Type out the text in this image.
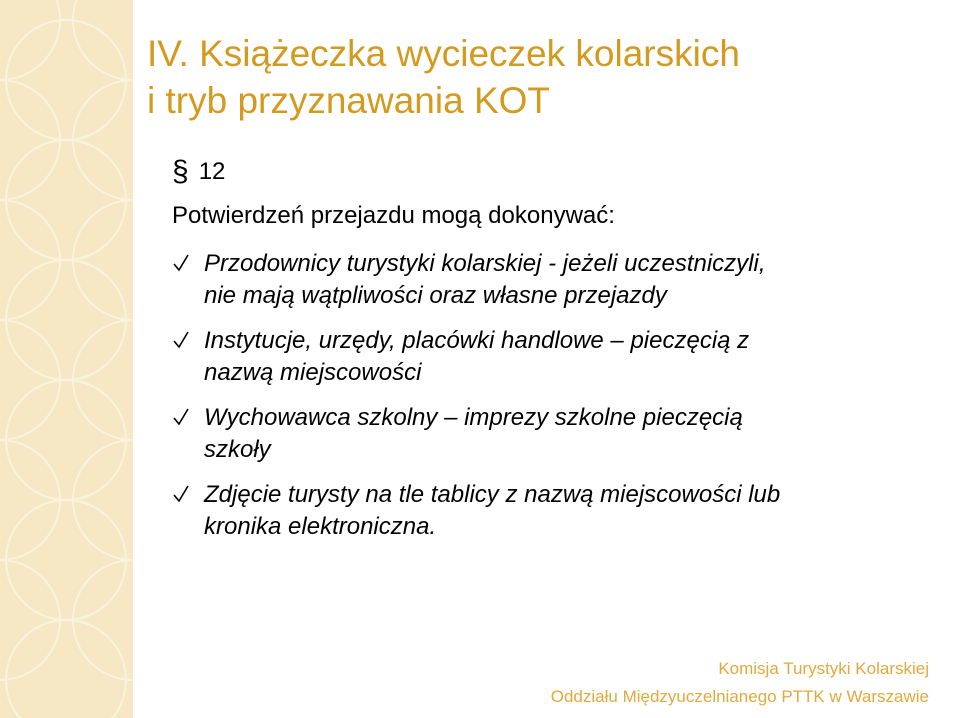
IV. Książeczka wycieczek kolarskich
i tryb przyznawania KOT
§ 12
Potwierdzeń przejazdu mogą dokonywać:
Przodownicy turystyki kolarskiej - jeżeli uczestniczyli,
nie mają wątpliwości oraz własne przejazdy
Instytucje, urzędy, placówki handlowe – pieczęcią z
nazwą miejscowości
Wychowawca szkolny – imprezy szkolne pieczęcią
szkoły
Zdjęcie turysty na tle tablicy z nazwą miejscowości lub
kronika elektroniczna.
Komisja Turystyki Kolarskiej
Oddziału Międzyuczelnianego PTTK w Warszawie
